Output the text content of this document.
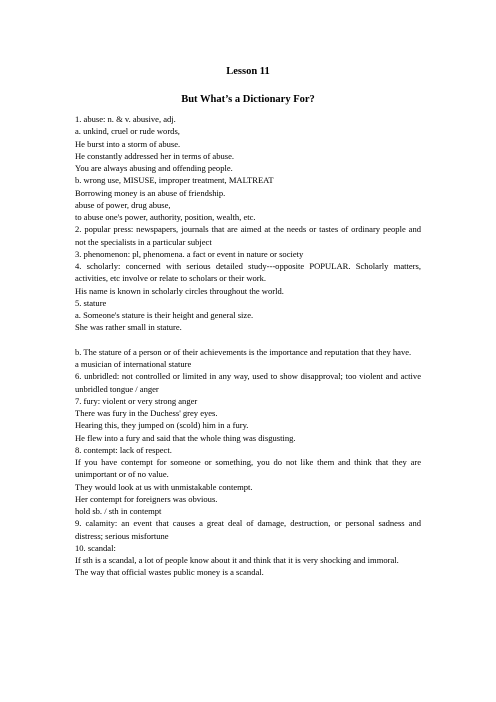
Lesson 11
But What’s a Dictionary For?
1. abuse: n. & v. abusive, adj.
a. unkind, cruel or rude words,
He burst into a storm of abuse.
He constantly addressed her in terms of abuse.
You are always abusing and offending people.
b. wrong use, MISUSE, improper treatment, MALTREAT
Borrowing money is an abuse of friendship.
abuse of power, drug abuse,
to abuse one's power, authority, position, wealth, etc.
2. popular press: newspapers, journals that are aimed at the needs or tastes of ordinary people and not the specialists in a particular subject
3. phenomenon: pl, phenomena. a fact or event in nature or society
4. scholarly: concerned with serious detailed study---opposite POPULAR. Scholarly matters, activities, etc involve or relate to scholars or their work.
His name is known in scholarly circles throughout the world.
5. stature
a. Someone's stature is their height and general size.
She was rather small in stature.
b. The stature of a person or of their achievements is the importance and reputation that they have.
a musician of international stature
6. unbridled: not controlled or limited in any way, used to show disapproval; too violent and active unbridled tongue / anger
7. fury: violent or very strong anger
There was fury in the Duchess' grey eyes.
Hearing this, they jumped on (scold) him in a fury.
He flew into a fury and said that the whole thing was disgusting.
8. contempt: lack of respect.
If you have contempt for someone or something, you do not like them and think that they are unimportant or of no value.
They would look at us with unmistakable contempt.
Her contempt for foreigners was obvious.
hold sb. / sth in contempt
9. calamity: an event that causes a great deal of damage, destruction, or personal sadness and distress; serious misfortune
10. scandal:
If sth is a scandal, a lot of people know about it and think that it is very shocking and immoral.
The way that official wastes public money is a scandal.
